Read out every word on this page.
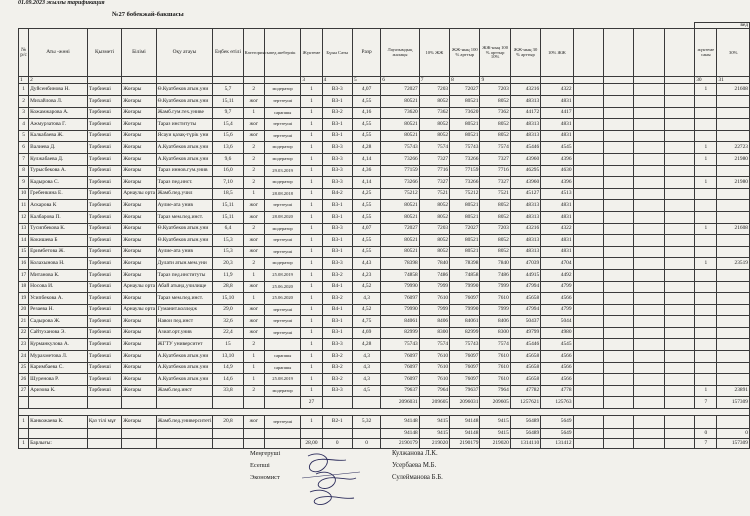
01.09.2023 жылғы тарификация
№27 бобекжай-бакшасы
																					вед	
№ р/с	Аты -жөні	Қызметі	Білімі	Оқу атауы	Еңбек өтілі	Категориясы	пед.шеберлік	Жүктеме	Бүын Саты	Разр	Лауазымдық жалақы	10% ЖЖ	ЖЖ-ның 100 % арттыр	ЖЖ-ның 100 % арттыр 10%	ЖЖ-ның 30 % арттыр	10% ЖЖ					жүктеме саны	30%
1	2							3	4	5	6	7	8	9							30	31
1	Дуйсенбинова Н.	Тәрбиеші	Жоғары	Ө.Куатбеков атын.уни	5,7	2	модератор	1	В3-3	4,07	72027	7203	72027	7203	43216	4322					1	21608
2	Михайлова Л.	Тәрбиеші	Жоғары	Ө.Куатбеков атын.уни	15,11	жог	зерттеуші	1	В3-1	4,55	80521	8052	80521	8052	48313	4831						
3	Кожамжарова А.	Тәрбиеші	Жоғары	Жамб.гум.тех.униве	9,7	1	сарапшы	1	В3-2	4,16	73620	7362	73620	7362	44172	4417						
4	Ажмурзатова Г.	Тәрбиеші	Жоғары	Тараз институты	15,4	жог	зерттеуші	1	В3-1	4,55	80521	8052	80521	8052	48313	4831						
5	Калкабаева Ж.	Тәрбиеші	Жоғары	Ясауи қазақ-түрік уни	15,6	жог	зерттеуші	1	В3-1	4,55	80521	8052	80521	8052	48313	4831						
6	Валиева Д.	Тәрбиеші	Жоғары	А.Куатбеков атын.уни	13,6	2	модератор	1	В3-3	4,28	75743	7574	75743	7574	45446	4545					1	22723
7	Кулжабаева Д.	Тәрбиеші	Жоғары	А.Куатбеков атын.уни	9,6	2	модератор	1	В3-3	4,14	73266	7327	73266	7327	43960	4396					1	21980
8	Турысбекова А.	Тәрбиеші	Жоғары	Тараз иннов.гум.унив	16,0	2	29.03.2019	1	В3-3	4,36	77159	7716	77159	7716	46295	4630						
9	Кадырова С.	Тәрбиеші	Жоғары	Тараз пед.инст.	7,10	2	модератор	1	В3-3	4,14	73266	7327	73266	7327	43960	4396					1	21980
10	Гребенкина Е.	Тәрбиеші	Арнаулы орта	Жамб.пед.учил	18,5	1	28.08.2018	1	В4-2	4,25	75212	7521	75212	7521	45127	4513						
11	Аскарова К	Тәрбиеші	Жоғары	Аулие-ата унив	15,11	жог	зерттеуші	1	В3-1	4,55	80521	8052	80521	8052	48313	4831						
12	Калбарова П.	Тәрбиеші	Жоғары	Тараз мем.пед.инст.	15,11	жог	28.08.2020	1	В3-1	4,55	80521	8052	80521	8052	48313	4831						
13	Тусипбекова К.	Тәрбиеші	Жоғары	Ө.Куатбеков атын.уни	6,4	2	модератор	1	В3-3	4,07	72027	7203	72027	7203	43216	4322					1	21608
14	Кокишева Б	Тәрбиеші	Жоғары	Ө.Куатбеков атын.уни	15,3	жог	зерттеуші	1	В3-1	4,55	80521	8052	80521	8052	48313	4831						
15	Еримбетова Ж.	Тәрбиеші	Жоғары	Аулие-ата унив	15,3	жог	зерттеуші	1	В3-1	4,55	80521	8052	80521	8052	48313	4831						
16	Колахынова Н.	Тәрбиеші	Жоғары	Дулати атын.мем.уни	20,3	2	модератор	1	В3-3	4,43	78398	7840	78398	7840	47039	4704					1	23519
17	Митанова К.	Тәрбиеші	Жоғары	Тараз пед.институты	11,9	1	25.08.2019	1	В3-2	4,23	74858	7486	74858	7486	44915	4492						
18	Носова И.	Тәрбиеші	Арнаулы орта	Абай атынд.училище	28,8	жог	25.06.2020	1	В4-1	4,52	79990	7999	79990	7999	47994	4799						
19	Усипбекова А.	Тәрбиеші	Жоғары	Тараз мем.пед.инст.	15,10	1	25.06.2020	1	В3-2	4,3	76097	7610	76097	7610	45658	4566						
20	Резаева Н.	Тәрбиеші	Арнаулы орта	Гуманит.колледж	29,0	жог	зерттеуші	1	В4-1	4,52	79990	7999	79990	7999	47994	4799						
21	Садырова Ж.	Тәрбиеші	Жоғары	Навои пед.инст	32,6	жог	зерттеуші	1	В3-1	4,75	84061	8406	84061	8406	50437	5044						
22	Сайтуханова Э.	Тәрбиеші	Жоғары	Азиат.орт.унив	22,4	жог	зерттеуші	1	В3-1	4,69	82999	8300	82999	8300	49799	4980						
23	Курманкулова А.	Тәрбиеші	Жоғары	ЖГТУ университет	15	2		1	В3-3	4,28	75743	7574	75743	7574	45446	4545						
24	Мурахметова Л.	Тәрбиеші	Жоғары	А.Куатбеков атын.уни	13,10	1	сарапшы	1	В3-2	4,3	76097	7610	76097	7610	45658	4566						
25	Каримбаева С.	Тәрбиеші	Жоғары	А.Куатбеков атын.уни	14,9	1	сарапшы	1	В3-2	4,3	76097	7610	76097	7610	45658	4566						
26	Шуренова Р.	Тәрбиеші	Жоғары	А.Куатбеков атын.уни	14,6	1	25.08.2019	1	В3-2	4,3	76097	7610	76097	7610	45658	4566						
27	Аризова К.	Тәрбиеші	Жоғары	Жамб.пед.инст	33,8	2	модератор	1	В3-3	4,5	79637	7964	79637	7964	47782	4778					1	23891
								27			2096031	209605	2096031	209605	1257621	125763					7	157309

1	Канкожаева К.	Қаз тілі мұғ	Жоғары	Жамб.пед.университеті	20,8	жог	зерттеуші	1	В2-1	5,32	94148	9415	94148	9415	56489	5649						
											94148	9415	94148	9415	56489	5649					0	0
1	Барлығы:							28,00	0	0	2190179	219020	2190179	219020	1314110	131412					7	157309
Меңгеруші
Есепші
Экономист
Кулжанова Л.К.
Усербаева М.Б.
Сулейманова Б.Б.
